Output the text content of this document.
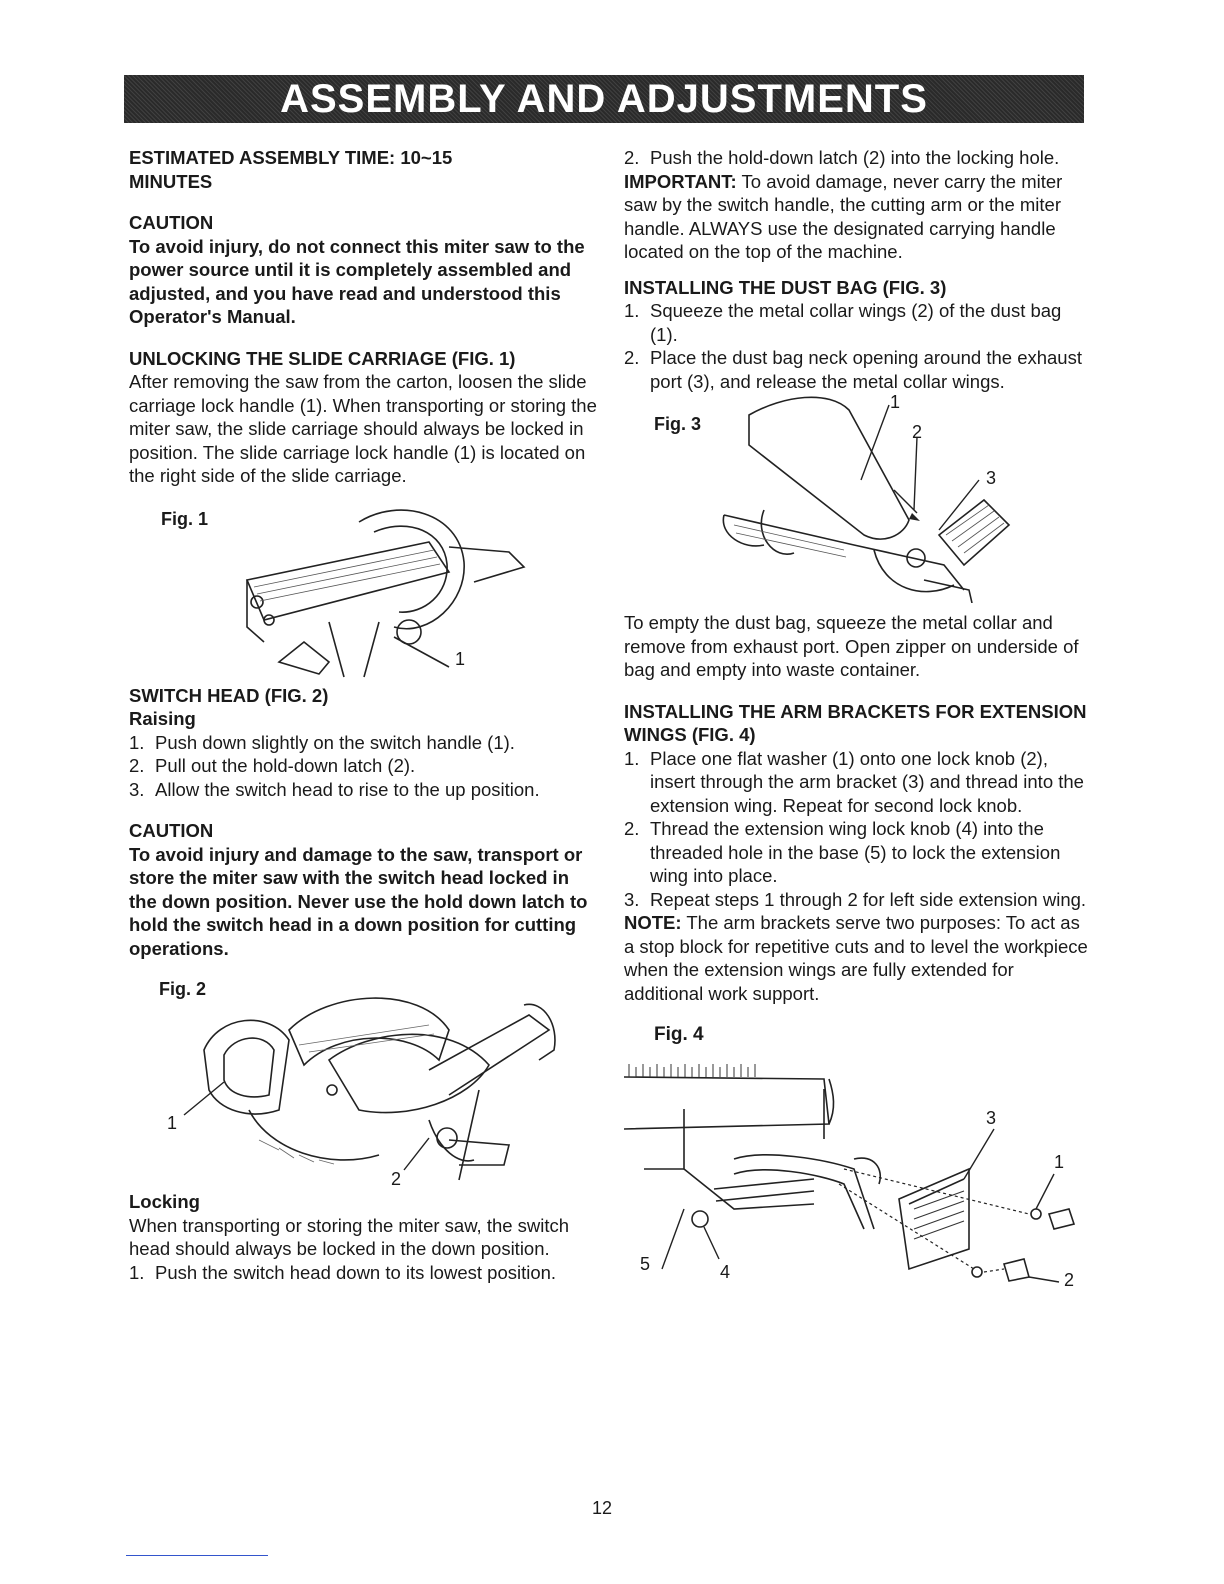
ASSEMBLY AND ADJUSTMENTS

ESTIMATED ASSEMBLY TIME: 10~15 MINUTES

CAUTION

To avoid injury, do not connect this miter saw to the power source until it is completely assembled and adjusted, and you have read and understood this Operator's Manual.

UNLOCKING THE SLIDE CARRIAGE (FIG. 1)

After removing the saw from the carton, loosen the slide carriage lock handle (1). When transporting or storing the miter saw, the slide carriage should always be locked in position. The slide carriage lock handle (1) is located on the right side of the slide carriage.

Fig. 1
1

SWITCH HEAD (FIG. 2)

Raising

1. Push down slightly on the switch handle (1).
2. Pull out the hold-down latch (2).
3. Allow the switch head to rise to the up position.

CAUTION

To avoid injury and damage to the saw, transport or store the miter saw with the switch head locked in the down position. Never use the hold down latch to hold the switch head in a down position for cutting operations.

Fig. 2
1
2

Locking

When transporting or storing the miter saw, the switch head should always be locked in the down position.

1. Push the switch head down to its lowest position.
2. Push the hold-down latch (2) into the locking hole.

IMPORTANT: To avoid damage, never carry the miter saw by the switch handle, the cutting arm or the miter handle. ALWAYS use the designated carrying handle located on the top of the machine.

INSTALLING THE DUST BAG (FIG. 3)

1. Squeeze the metal collar wings (2) of the dust bag (1).
2. Place the dust bag neck opening around the exhaust port (3), and release the metal collar wings.
Fig. 3
1
2
3

To empty the dust bag, squeeze the metal collar and remove from exhaust port. Open zipper on underside of bag and empty into waste container.

INSTALLING THE ARM BRACKETS FOR EXTENSION WINGS (FIG. 4)

1. Place one flat washer (1) onto one lock knob (2), insert through the arm bracket (3) and thread into the extension wing. Repeat for second lock knob.
2. Thread the extension wing lock knob (4) into the threaded hole in the base (5) to lock the extension wing into place.
3. Repeat steps 1 through 2 for left side extension wing.

NOTE: The arm brackets serve two purposes: To act as a stop block for repetitive cuts and to level the workpiece when the extension wings are fully extended for additional work support.

Fig. 4
3
1
2
4
5
12
